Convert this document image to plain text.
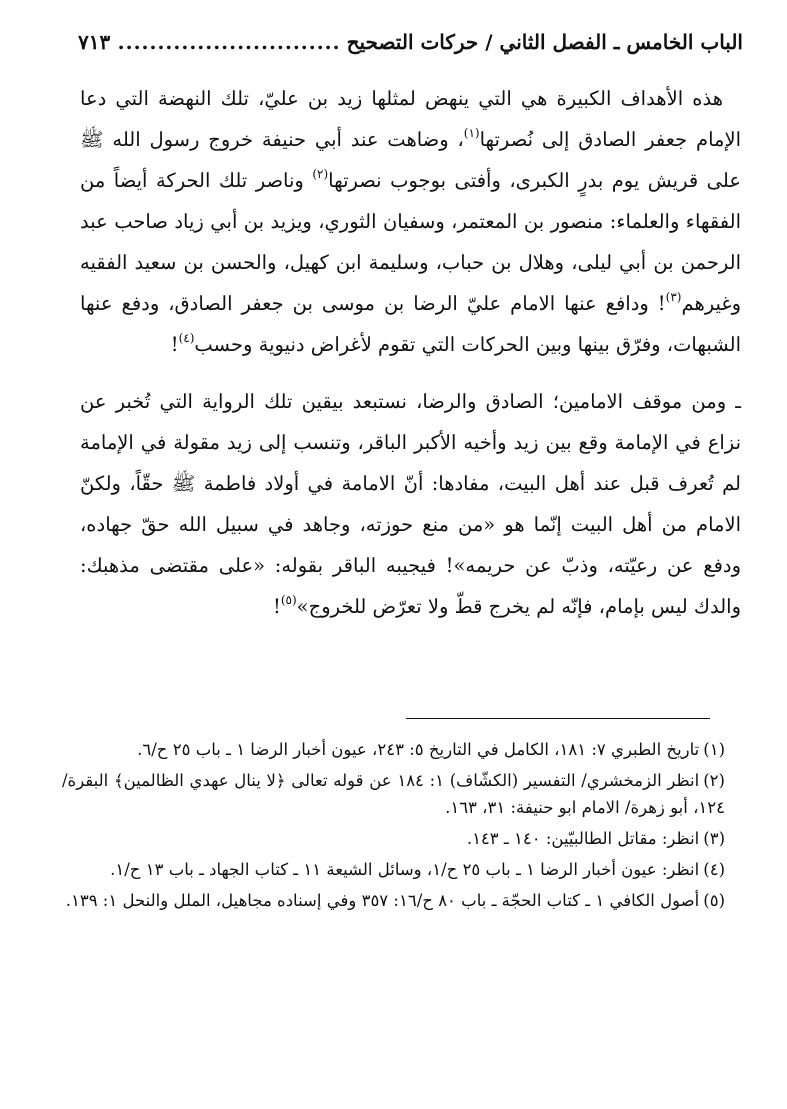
الباب الخامس ـ الفصل الثاني / حركات التصحيح
.....
٧١٣

هذه الأهداف الكبيرة هي التي ينهض لمثلها زيد بن عليّ، تلك النهضة التي دعا الإمام جعفر الصادق إلى نُصرتها$^{(١)}$، وضاهت عند أبي حنيفة خروج رسول الله ﷺ على قريش يوم بدرٍ الكبرى، وأفتى بوجوب نصرتها$^{(٢)}$ وناصر تلك الحركة أيضاً من الفقهاء والعلماء: منصور بن المعتمر، وسفيان الثوري، ويزيد بن أبي زياد صاحب عبد الرحمن بن أبي ليلى، وهلال بن حباب، وسليمة ابن كهيل، والحسن بن سعيد الفقيه وغيرهم$^{(٣)}$! ودافع عنها الامام عليّ الرضا بن موسى بن جعفر الصادق، ودفع عنها الشبهات، وفرّق بينها وبين الحركات التي تقوم لأغراض دنيوية وحسب$^{(٤)}$!

ـ ومن موقف الامامين؛ الصادق والرضا، نستبعد بيقين تلك الرواية التي تُخبر عن نزاع في الإمامة وقع بين زيد وأخيه الأكبر الباقر، وتنسب إلى زيد مقولة في الإمامة لم تُعرف قبل عند أهل البيت، مفادها: أنّ الامامة في أولاد فاطمة ﷺ حقّاً، ولكنّ الامام من أهل البيت إنّما هو «من منع حوزته، وجاهد في سبيل الله حقّ جهاده، ودفع عن رعيّته، وذبّ عن حريمه»! فيجيبه الباقر بقوله: «على مقتضى مذهبك: والدك ليس بإمام، فإنّه لم يخرج قطّ ولا تعرّض للخروج»$^{(٥)}$!

(١)تاريخ الطبري ٧: ١٨١، الكامل في التاريخ ٥: ٢٤٣، عيون أخبار الرضا ١ ـ باب ٢٥ ح/٦.

(٢)انظر الزمخشري/ التفسير (الكشّاف) ١: ١٨٤ عن قوله تعالى ﴿لا ينال عهدي الظالمين﴾ البقرة/ ١٢٤، أبو زهرة/ الامام ابو حنيفة: ٣١، ١٦٣.

(٣)انظر: مقاتل الطالبيّين: ١٤٠ ـ ١٤٣.

(٤)انظر: عيون أخبار الرضا ١ ـ باب ٢٥ ح/١، وسائل الشيعة ١١ ـ كتاب الجهاد ـ باب ١٣ ح/١.

(٥)أصول الكافي ١ ـ كتاب الحجّة ـ باب ٨٠ ح/١٦: ٣٥٧ وفي إسناده مجاهيل، الملل والنحل ١: ١٣٩.
